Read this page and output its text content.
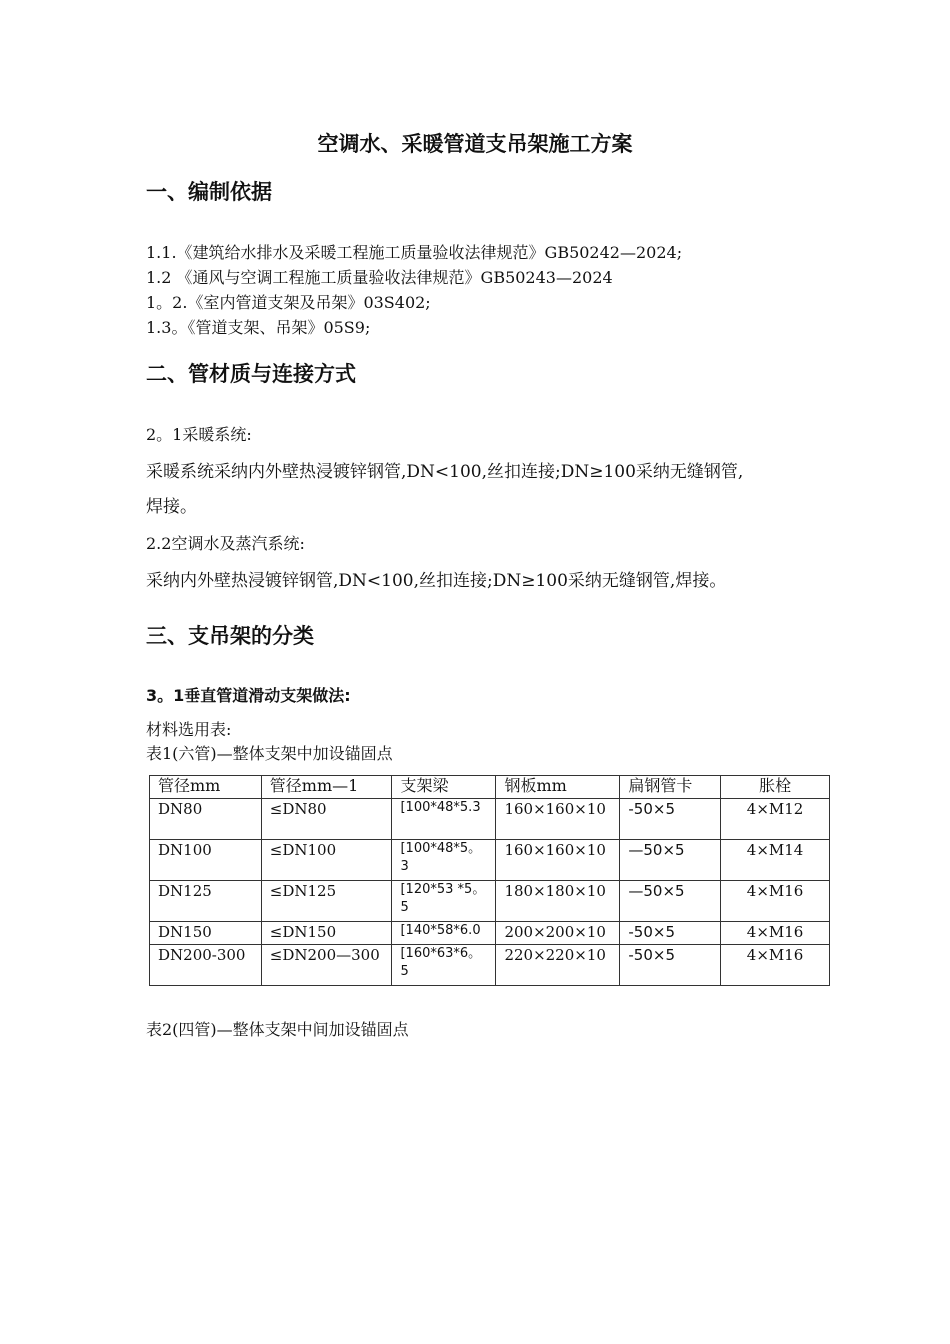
空调水、采暖管道支吊架施工方案
一、编制依据
1.1.《建筑给水排水及采暖工程施工质量验收法律规范》GB50242—2024;
1.2 《通风与空调工程施工质量验收法律规范》GB50243—2024
1。2.《室内管道支架及吊架》03S402;
1.3。《管道支架、吊架》05S9;
二、管材质与连接方式
2。1采暖系统:
采暖系统采纳内外壁热浸镀锌钢管,DN<100,丝扣连接;DN≥100采纳无缝钢管,
焊接。
2.2空调水及蒸汽系统:
采纳内外壁热浸镀锌钢管,DN<100,丝扣连接;DN≥100采纳无缝钢管,焊接。
三、支吊架的分类
3。1垂直管道滑动支架做法:
材料选用表:
表1(六管)—整体支架中加设锚固点
管径mm	管径mm—1	支架梁	钢板mm	扁钢管卡	胀栓
DN80	≤DN80	[100*48*5.3	160×160×10	-50×5	4×M12
DN100	≤DN100	[100*48*5。3	160×160×10	—50×5	4×M14
DN125	≤DN125	[120*53 *5。5	180×180×10	—50×5	4×M16
DN150	≤DN150	[140*58*6.0	200×200×10	-50×5	4×M16
DN200-300	≤DN200—300	[160*63*6。5	220×220×10	-50×5	4×M16
表2(四管)—整体支架中间加设锚固点
